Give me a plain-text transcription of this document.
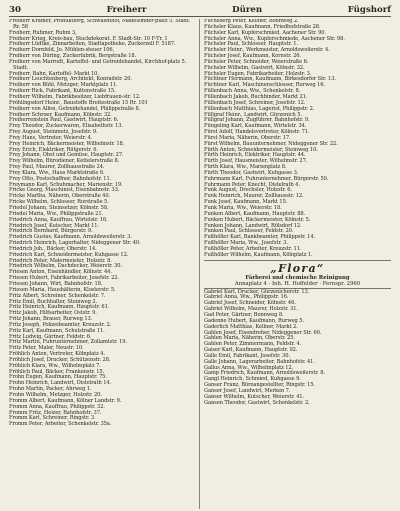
30	Freiherr	Düren	Fügshorf
Freiherr Kramer, Produktförg, Schwalenhof, Mädelsinder-platz 5. Stadt. Rr. 58
Freiherr, Ruhmer, Ruhm 3,
Freiherr Krieg, Kreis-bau, Stuckdekorat. F. Stadt-Str. 10 F-Tr. 1
Freiherr Lüdtke, Zinnarbeiten, Stadtapotheke, Zuckerzell F. 5187.
Freiherr Dornfeld, Jo. Mühlen-steuer 106,
Freiherr von Düring, Zuckerfabrik, Bergstraße 18.
Freiherr von Marrodt, Kartoffel- und Getreidehandel, Kirchhof-platz 5. Stadt.
Freiherr, Bahn, Kartoffel- Markt 10.
Freiherr Leuchtenberg, Architekt, Konradstr. 20.
Freiherr von Bühl, Metzger, Marktplatz 11.
Freiherr Rick, Fabrikant, Kuttenstraße 15.
Freiherr Wilhelm, Fabrikbesitzer, Liebfrauen-str. 12.
Fröhlingsdorf Heinr., Baustoffe Breitestraße 15 Rr. 101
Freiherr von Alfen, Getreidehandel, Philippstraße 8.
Freiherr Schroer, Kaufmann, Kölnstr. 32.
Freiherrenstein Paul, Gastwirt, Hauptstr. 6.
Frey Theodor, Zuckerwaren, Elisabethstr. 13.
Frey August, Steinmetz, Josefstr. 9.
Frey Hans, Vertreter, Weierstr. 4.
Frey Heinrich, Bäckermeister, Wilhelmstr. 18.
Frey Erich, Elektriker, Rütgerstr. 6.
Frey Johann, Obst und Gemüse, Hauptstr. 27.
Frey Wilhelm, Bürodiener, Kettelerstraße 8.
Frey Paul, Maurer, Zollhausstraße 24.
Frey Klara, Ww., Haus Marktstraße 6.
Frey Otto, Postschaffner, Bahnhofstr. 11.
Freymann Karl, Schuhmacher, Marienstr. 19.
Fricke Georg, Maschinist, Eisenbahnstr. 33.
Fricke Martha, Näherin, Oberstraße 40.
Fricke Wilhelm, Schlosser, Rurstraße 5.
Friedel Johann, Steinsetzer, Kölnstr. 58.
Friedel Maria, Ww., Philippstraße 21.
Friedrich Anna, Kauffrau, Wirtelstr. 16.
Friedrich Josef, Kutscher, Markt 11.
Friedrich Bernhard, Bürgerstr. 9.
Friedrich Gustav, Kaufmann, Arnoldsweilerstr. 3.
Friedrich Heinrich, Lagerhalter, Nideggener Str. 40.
Friedrich Joh., Bäcker, Oberstr. 14.
Friedrich Karl, Schneidermeister, Kuhgasse 12.
Friedrich Peter, Malermeister, Holzstr. 8.
Friedrich Wilhelm, Dachdecker, Weierstr. 30.
Friesen Anton, Eisenhändler, Kölnstr. 44.
Friesen Hubert, Fabrikarbeiter, Josefstr. 22.
Friesen Johann, Wirt, Bahnhofstr. 18.
Friesen Maria, Haushälterin, Klosterstr. 5.
Fritz Albert, Schreiner, Schenkelstr. 7.
Fritz Emil, Buchhalter, Steinweg 2.
Fritz Heinrich, Kaufmann, Hauptstr. 61.
Fritz Jakob, Hilfsarbeiter, Oststr. 9.
Fritz Johann, Brauer, Rurweg 13.
Fritz Joseph, Polizeibeamter, Kreuzstr. 2.
Fritz Karl, Kaufmann, Schulstraße 11.
Fritz Ludwig, Gärtner, Feldstr. 6.
Fritz Martin, Fuhrunternehmer, Zollamtstr. 19.
Fritz Peter, Maler, Neustr. 10.
Fröhlich Anton, Vertreter, Kölnplatz 4.
Fröhlich Josef, Drucker, Schützenstr. 28.
Fröhlich Klara, Ww., Wilhelmplatz 7.
Fröhlich Paul, Bäcker, Frankenstr. 15.
Frohn Eugen, Kaufmann, Hauptstr. 75.
Frohn Heinrich, Landwirt, Distelrath 14.
Frohn Martin, Packer, Ahrweg 1.
Frohn Wilhelm, Metzger, Holzstr. 20.
Fromm Albert, Kaufmann, Kölner Landstr. 9.
Fromm Anna, Kauffrau, Philippstr. 32.
Fromm Fritz, Heizer, Bahnhofstr. 37.
Fromm Karl, Schreiner, Ringstr. 3.
Fromm Peter, Arbeiter, Schenkelstr. 35a.
Füchsberg Peter, Kellner, Bonnweg 2.
Füchsler Klaus, Kaufmann, Friedhofstraße 28.
Füchsler Karl, Kupferschmied, Aachener Str. 90.
Füchsler Anna, Ww., Kupferschmiede, Aachener Str. 98.
Füchsler Paul, Schlosser, Hauptstr. 1.
Füchsler Heinr., Werkmeister, Arnoldsweilerstr. 4.
Füchsler Josef, Kaufmann, Kornstr. 26.
Füchsler Peter, Schneider, Weierstraße 6.
Füchsler Wilhelm, Gastwirt, Kölnstr. 32.
Füchsler Eugen, Fabrikarbeiter, Holzstr. 3.
Füchtner Hermann, Kaufmann, Birkesdorfer Str. 13.
Füchtner Karl, Maschinenschlosser, Rurweg 16.
Füllenbach Anna, Ww., Schenkelstr. 8.
Füllenbach Jakob, Buchbinder, Markt 21.
Füllenbach Josef, Schreiner, Josefstr. 12.
Füllenbach Matthias, Lagerist, Philippstr. 2.
Füllgraf Heinr., Landwirt, Gürzenich 5.
Füllgraf Johann, Zugführer, Bahnhofstr. 9.
Füngeling Karl, Kaufmann, Wirtelstr. 34.
Fürst Adolf, Handelsvertreter, Kölnstr. 71.
Fürst Maria, Näherin, Oberstr. 17.
Fürst Wilhelm, Bauunternehmer, Nideggener Str. 22.
Fürth Anton, Schneidermeister, Steinweg 10.
Fürth Heinrich, Elektriker, Hauptstr. 44.
Fürth Josef, Hausmeister, Wilhelmstr. 27.
Fürth Klara, Ww., Marienplatz 8.
Fürth Theodor, Gastwirt, Kuhgasse 3.
Fuhrmann Karl, Fuhrunternehmer, Bürgerstr. 50.
Fuhrmann Peter, Knecht, Distelrath 4.
Funk August, Drechsler, Holzstr. 6.
Funk Heinrich, Maurer, Zollhausstr. 12.
Funk Josef, Kaufmann, Markt 15.
Funk Maria, Ww., Weierstr. 18.
Funken Albert, Kaufmann, Hauptstr. 88.
Funken Hubert, Bäckermeister, Kölnstr. 5.
Funken Johann, Landwirt, Rölsdorf 12.
Funken Paul, Schlosser, Feldstr. 20.
Fußhöller Karl, Bankbeamter, Philippstr. 14.
Fußhöller Maria, Ww., Josefstr. 3.
Fußhöller Peter, Arbeiter, Kreuzstr. 11.
Fußhöller Wilhelm, Kaufmann, Kölnplatz 1.
„Flora“
Färberei und chemische Reinigung
Annaplatz 4 · Inh. H. Hoffelder · Fernspr. 2960
Gabriel Karl, Drucker, Gürzenicherstr. 13.
Gabriel Anna, Ww., Philippstr. 16.
Gabriel Josef, Schneider, Kölnstr. 46.
Gabriel Wilhelm, Maurer, Holzstr. 31.
Gad Peter, Gärtner, Bonnweg 8.
Gadenne Hubert, Kaufmann, Rurweg 5.
Gaderlich Matthias, Kellner, Markt 2.
Gahlen Josef, Eisendreher, Nideggener Str. 60.
Gahlen Maria, Näherin, Oberstr. 25.
Gahlen Peter, Zimmermann, Feldstr. 4.
Gaiser Karl, Kaufmann, Hauptstr. 92.
Galle Emil, Fabrikant, Josefstr. 30.
Galle Johann, Lagerarbeiter, Bahnhofstr. 41.
Gallus Anna, Ww., Wilhelmplatz 12.
Gamp Friedrich, Kaufmann, Arnoldsweilerstr. 8.
Gangl Heinrich, Schmied, Kuhgasse 9.
Ganser Franz, Büroangestellter, Ringstr. 15.
Ganser Josef, Landwirt, Merken 7.
Ganser Wilhelm, Kutscher, Weierstr. 41.
Gansen Theodor, Gastwirt, Schenkelstr. 2.
